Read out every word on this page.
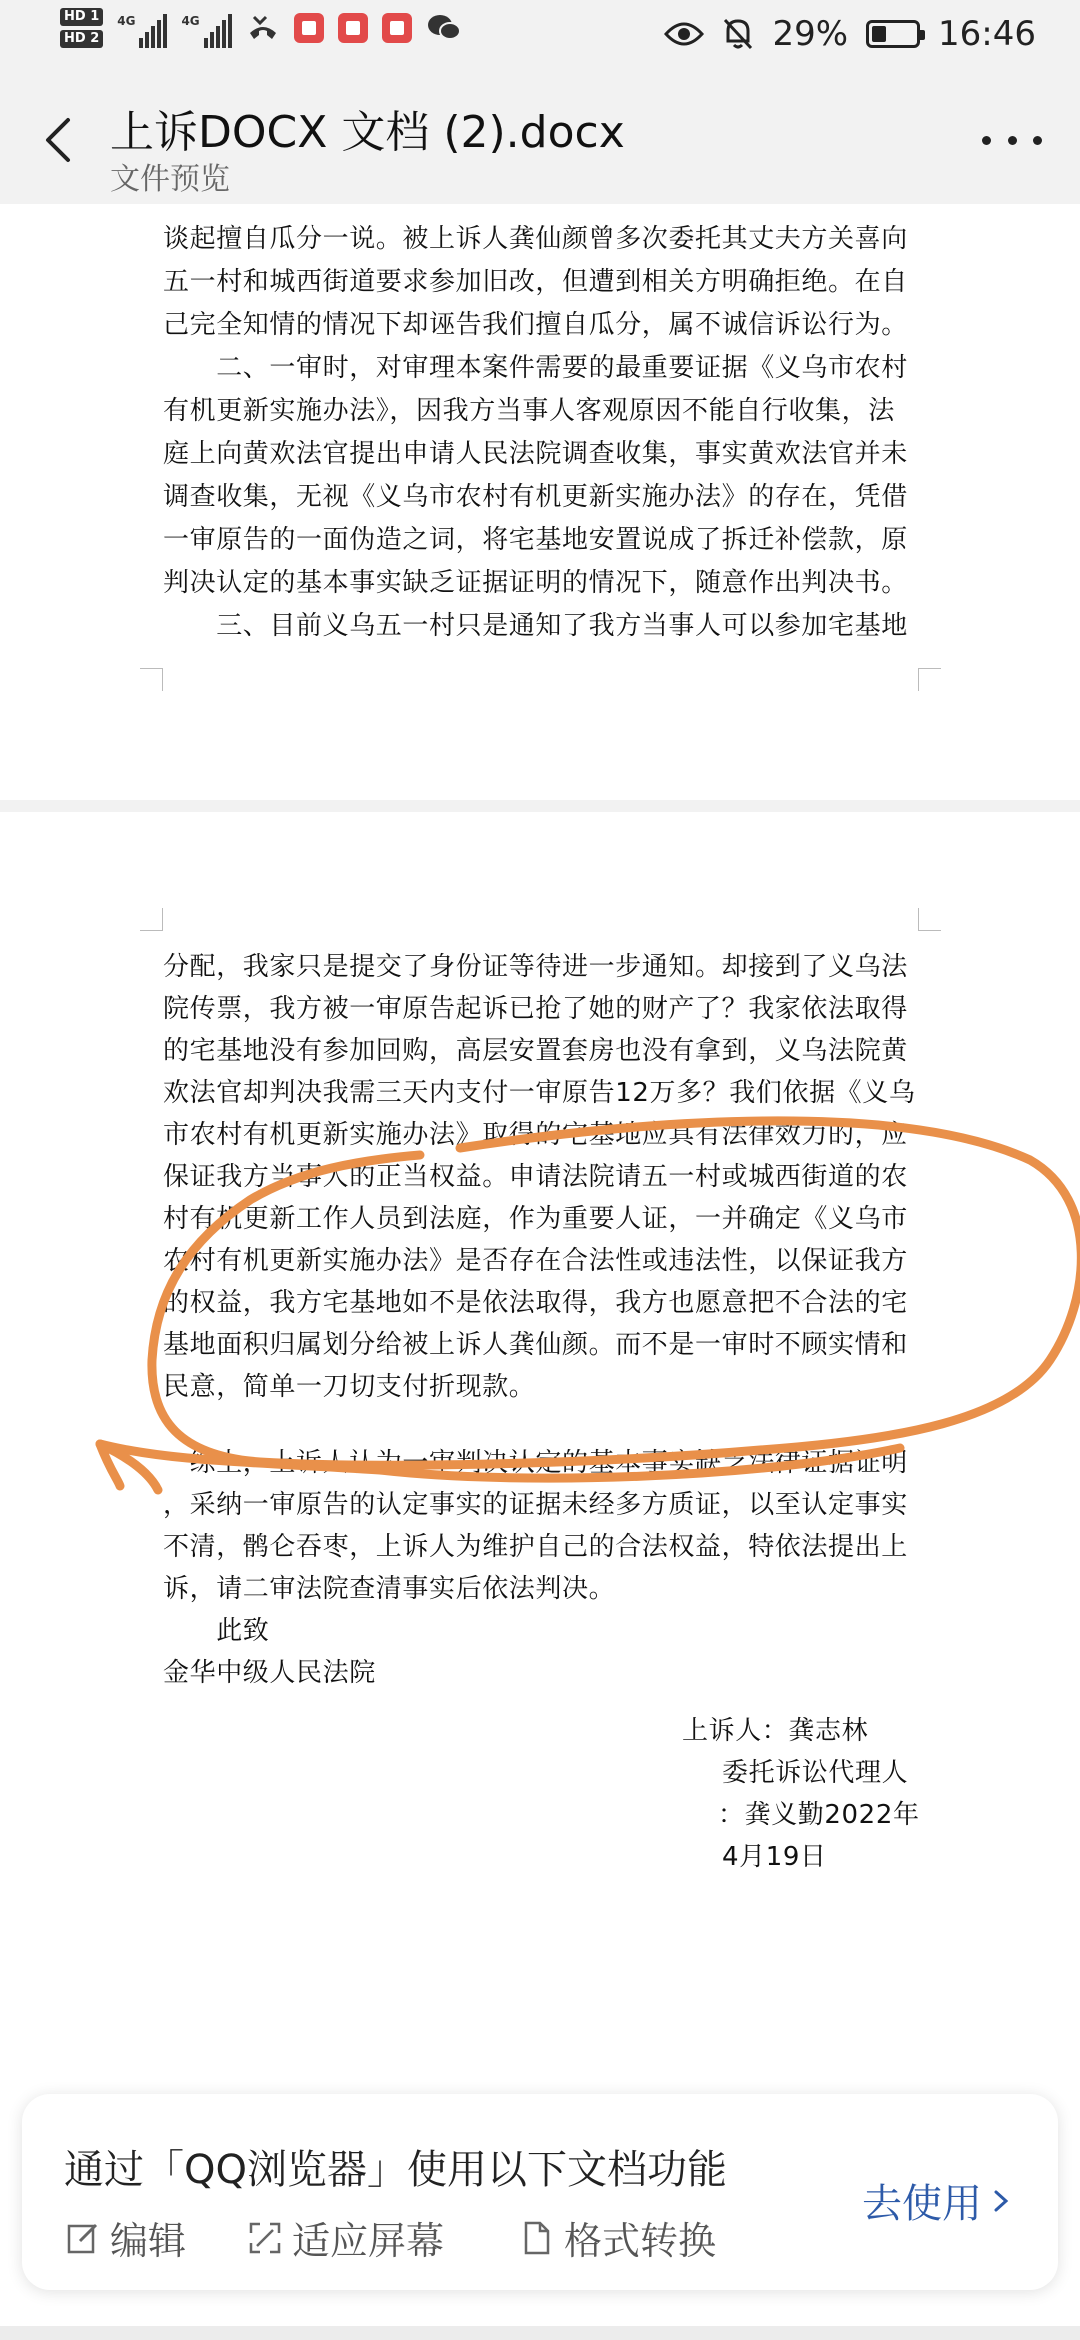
HD 1
HD 2
4G	4G	29%	16:46
上诉DOCX 文档 (2).docx
文件预览
谈起擅自瓜分一说。被上诉人龚仙颜曾多次委托其丈夫方关喜向
五一村和城西街道要求参加旧改，但遭到相关方明确拒绝。在自
己完全知情的情况下却诬告我们擅自瓜分，属不诚信诉讼行为。
　　二、一审时，对审理本案件需要的最重要证据《义乌市农村
有机更新实施办法》，因我方当事人客观原因不能自行收集，法
庭上向黄欢法官提出申请人民法院调查收集，事实黄欢法官并未
调查收集，无视《义乌市农村有机更新实施办法》的存在，凭借
一审原告的一面伪造之词，将宅基地安置说成了拆迁补偿款，原
判决认定的基本事实缺乏证据证明的情况下，随意作出判决书。
　　三、目前义乌五一村只是通知了我方当事人可以参加宅基地
分配，我家只是提交了身份证等待进一步通知。却接到了义乌法
院传票，我方被一审原告起诉已抢了她的财产了？我家依法取得
的宅基地没有参加回购，高层安置套房也没有拿到，义乌法院黄
欢法官却判决我需三天内支付一审原告12万多？我们依据《义乌
市农村有机更新实施办法》取得的宅基地应具有法律效力的，应
保证我方当事人的正当权益。申请法院请五一村或城西街道的农
村有机更新工作人员到法庭，作为重要人证，一并确定《义乌市
农村有机更新实施办法》是否存在合法性或违法性，以保证我方
的权益，我方宅基地如不是依法取得，我方也愿意把不合法的宅
基地面积归属划分给被上诉人龚仙颜。而不是一审时不顾实情和
民意，简单一刀切支付折现款。
　综上，上诉人认为一审判决认定的基本事实缺乏法律证据证明
，采纳一审原告的认定事实的证据未经多方质证，以至认定事实
不清，鹘仑吞枣，上诉人为维护自己的合法权益，特依法提出上
诉，请二审法院查清事实后依法判决。
　　此致
金华中级人民法院
上诉人：龚志林
委托诉讼代理人
：龚义勤2022年
4月19日
通过「QQ浏览器」使用以下文档功能
编辑	适应屏幕	格式转换
去使用
